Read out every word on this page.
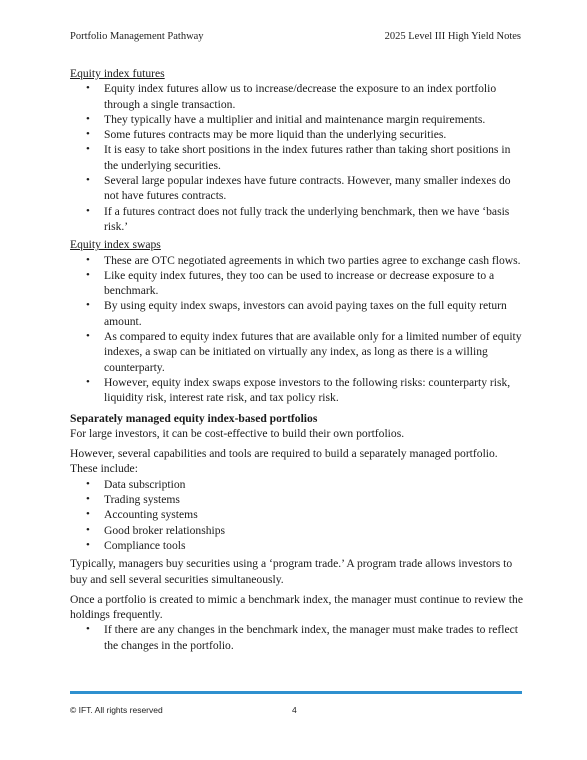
Portfolio Management Pathway	2025 Level III High Yield Notes
Equity index futures
• Equity index futures allow us to increase/decrease the exposure to an index portfolio through a single transaction.
• They typically have a multiplier and initial and maintenance margin requirements.
• Some futures contracts may be more liquid than the underlying securities.
• It is easy to take short positions in the index futures rather than taking short positions in the underlying securities.
• Several large popular indexes have future contracts. However, many smaller indexes do not have futures contracts.
• If a futures contract does not fully track the underlying benchmark, then we have ‘basis risk.’
Equity index swaps
• These are OTC negotiated agreements in which two parties agree to exchange cash flows.
• Like equity index futures, they too can be used to increase or decrease exposure to a benchmark.
• By using equity index swaps, investors can avoid paying taxes on the full equity return amount.
• As compared to equity index futures that are available only for a limited number of equity indexes, a swap can be initiated on virtually any index, as long as there is a willing counterparty.
• However, equity index swaps expose investors to the following risks: counterparty risk, liquidity risk, interest rate risk, and tax policy risk.
Separately managed equity index-based portfolios

For large investors, it can be cost-effective to build their own portfolios.

However, several capabilities and tools are required to build a separately managed portfolio. These include:

• Data subscription
• Trading systems
• Accounting systems
• Good broker relationships
• Compliance tools

Typically, managers buy securities using a ‘program trade.’ A program trade allows investors to buy and sell several securities simultaneously.

Once a portfolio is created to mimic a benchmark index, the manager must continue to review the holdings frequently.

• If there are any changes in the benchmark index, the manager must make trades to reflect the changes in the portfolio.
© IFT. All rights reserved	4
